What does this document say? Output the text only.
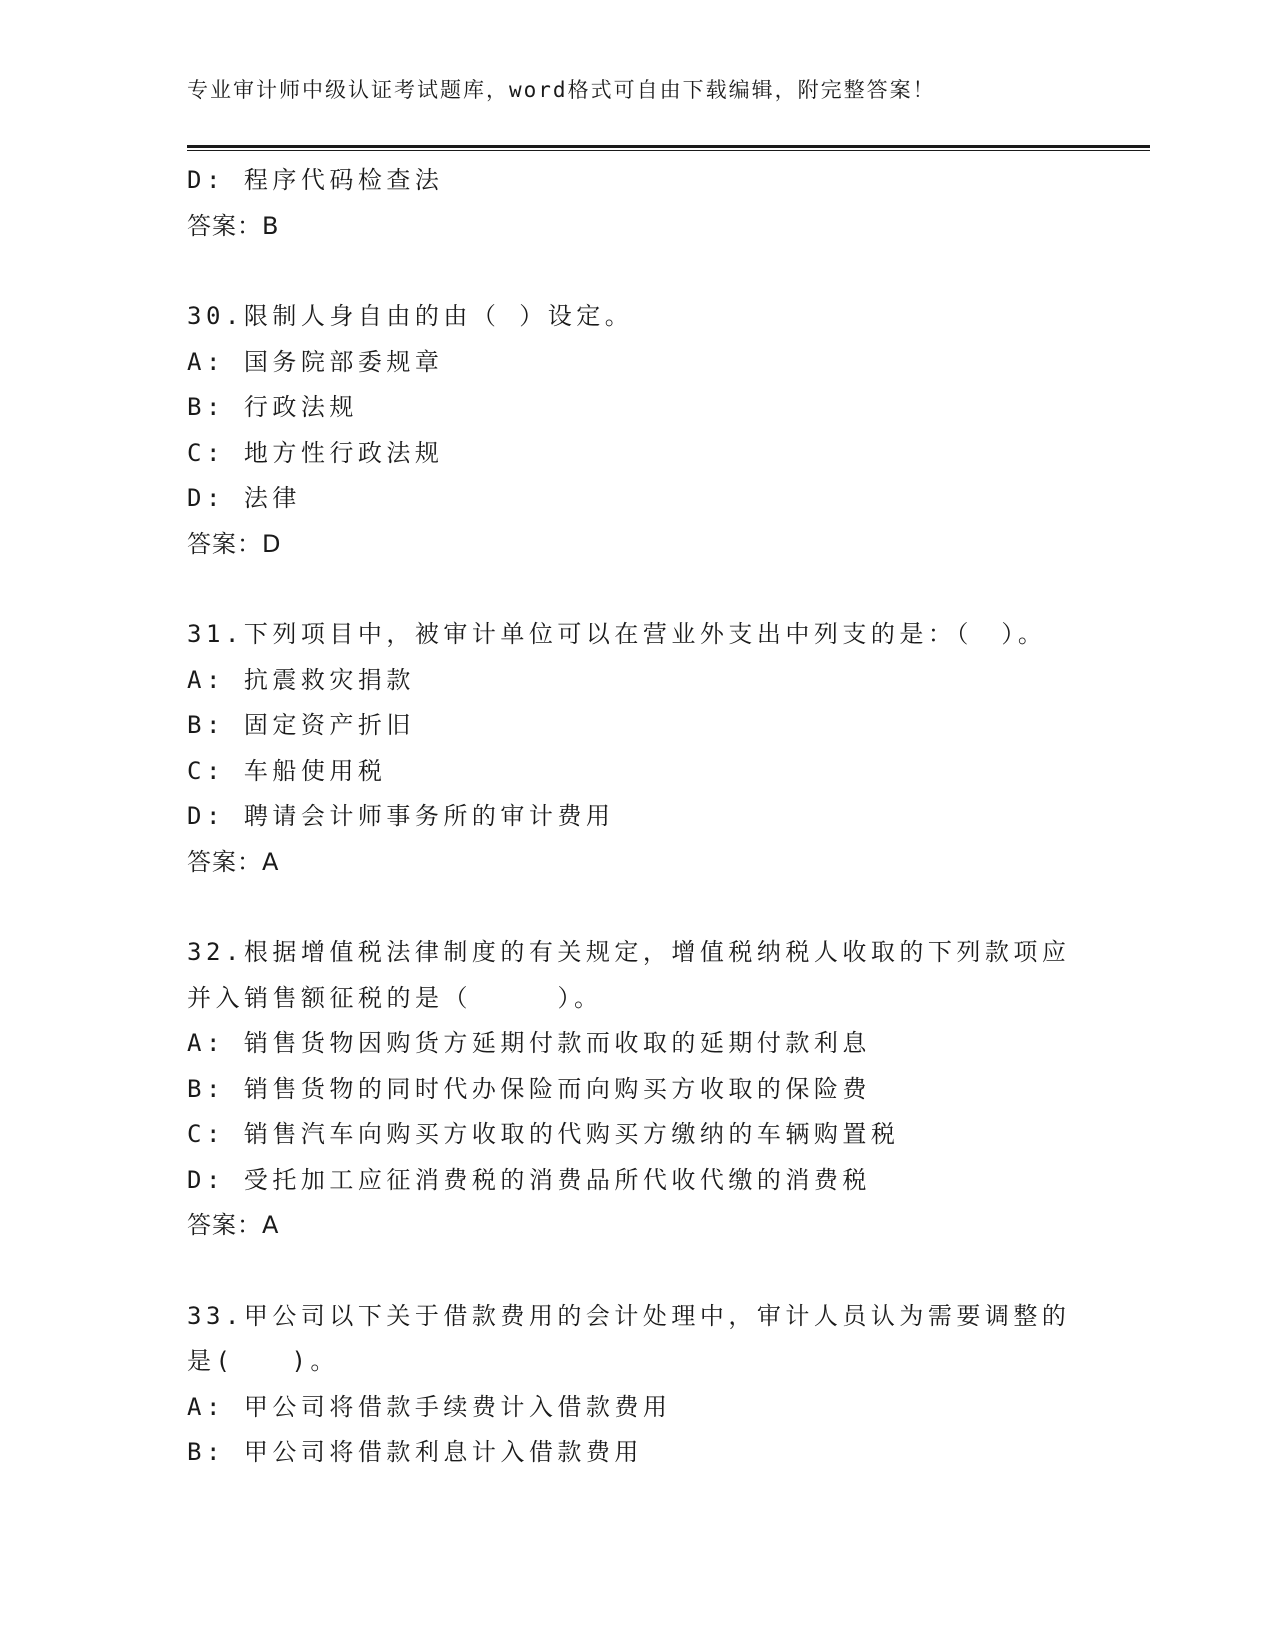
专业审计师中级认证考试题库，word格式可自由下载编辑，附完整答案！
D: 程序代码检查法
答案：B
30.限制人身自由的由（ ）设定。
A: 国务院部委规章
B: 行政法规
C: 地方性行政法规
D: 法律
答案：D
31.下列项目中，被审计单位可以在营业外支出中列支的是：（　）。
A: 抗震救灾捐款
B: 固定资产折旧
C: 车船使用税
D: 聘请会计师事务所的审计费用
答案：A
32.根据增值税法律制度的有关规定，增值税纳税人收取的下列款项应
并入销售额征税的是（　　　）。
A: 销售货物因购货方延期付款而收取的延期付款利息
B: 销售货物的同时代办保险而向购买方收取的保险费
C: 销售汽车向购买方收取的代购买方缴纳的车辆购置税
D: 受托加工应征消费税的消费品所代收代缴的消费税
答案：A
33.甲公司以下关于借款费用的会计处理中，审计人员认为需要调整的
是(　　)。
A: 甲公司将借款手续费计入借款费用
B: 甲公司将借款利息计入借款费用
